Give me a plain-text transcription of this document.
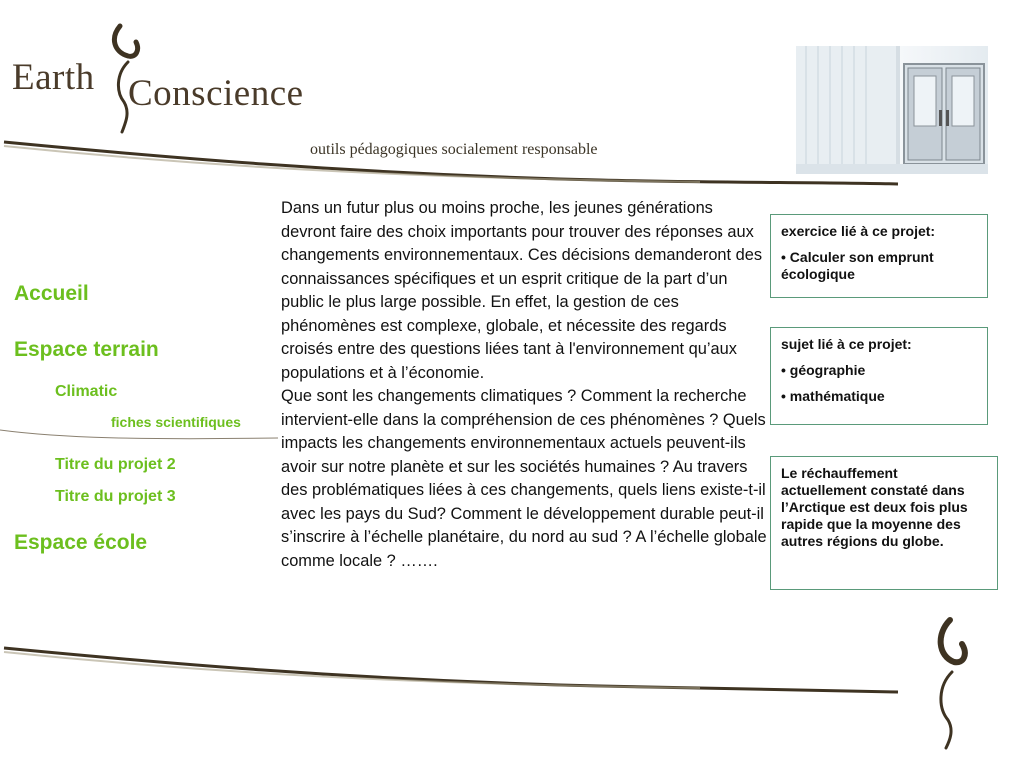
Earth Conscience
outils pédagogiques socialement responsable
Accueil
Espace terrain
Climatic
fiches scientifiques
Titre du projet 2
Titre du projet 3
Espace école

Dans un futur plus ou moins proche, les jeunes générations devront faire des choix importants pour trouver des réponses aux changements environnementaux. Ces décisions demanderont des connaissances spécifiques et un esprit critique de la part d’un public le plus large possible. En effet, la gestion de ces phénomènes est complexe, globale, et nécessite des regards croisés entre des questions liées tant à l'environnement qu’aux populations et à l’économie.

Que sont les changements climatiques ? Comment la recherche intervient-elle dans la compréhension de ces phénomènes ? Quels impacts les changements environnementaux actuels peuvent-ils avoir sur notre planète et sur les sociétés humaines ? Au travers des problématiques liées à ces changements, quels liens existe-t-il avec les pays du Sud? Comment le développement durable peut-il s’inscrire à l’échelle planétaire, du nord au sud ? A l’échelle globale comme locale ? …….

exercice lié à ce projet:
• Calculer son emprunt écologique
sujet lié à ce projet:
• géographie
• mathématique
Le réchauffement actuellement constaté dans l’Arctique est deux fois plus rapide que la moyenne des autres régions du globe.
